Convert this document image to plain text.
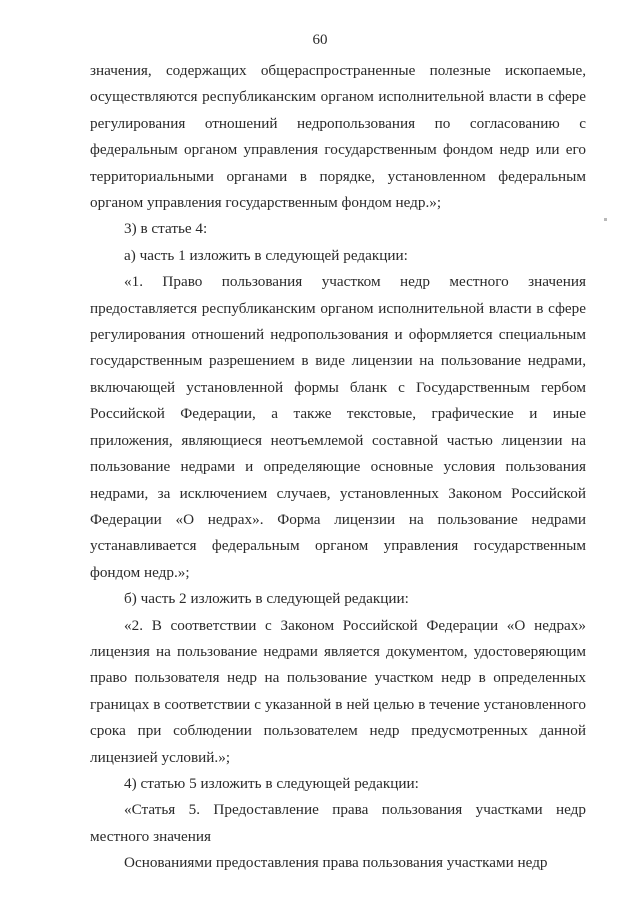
60

значения, содержащих общераспространенные полезные ископаемые, осуществляются республиканским органом исполнительной власти в сфере регулирования отношений недропользования по согласованию с федеральным органом управления государственным фондом недр или его территориальными органами в порядке, установленном федеральным органом управления государственным фондом недр.»;

3) в статье 4:

а) часть 1 изложить в следующей редакции:

«1. Право пользования участком недр местного значения предоставляется республиканским органом исполнительной власти в сфере регулирования отношений недропользования и оформляется специальным государственным разрешением в виде лицензии на пользование недрами, включающей установленной формы бланк с Государственным гербом Российской Федерации, а также текстовые, графические и иные приложения, являющиеся неотъемлемой составной частью лицензии на пользование недрами и определяющие основные условия пользования недрами, за исключением случаев, установленных Законом Российской Федерации «О недрах». Форма лицензии на пользование недрами устанавливается федеральным органом управления государственным фондом недр.»;

б) часть 2 изложить в следующей редакции:

«2. В соответствии с Законом Российской Федерации «О недрах» лицензия на пользование недрами является документом, удостоверяющим право пользователя недр на пользование участком недр в определенных границах в соответствии с указанной в ней целью в течение установленного срока при соблюдении пользователем недр предусмотренных данной лицензией условий.»;

4) статью 5 изложить в следующей редакции:

«Статья 5. Предоставление права пользования участками недр местного значения

Основаниями предоставления права пользования участками недр
